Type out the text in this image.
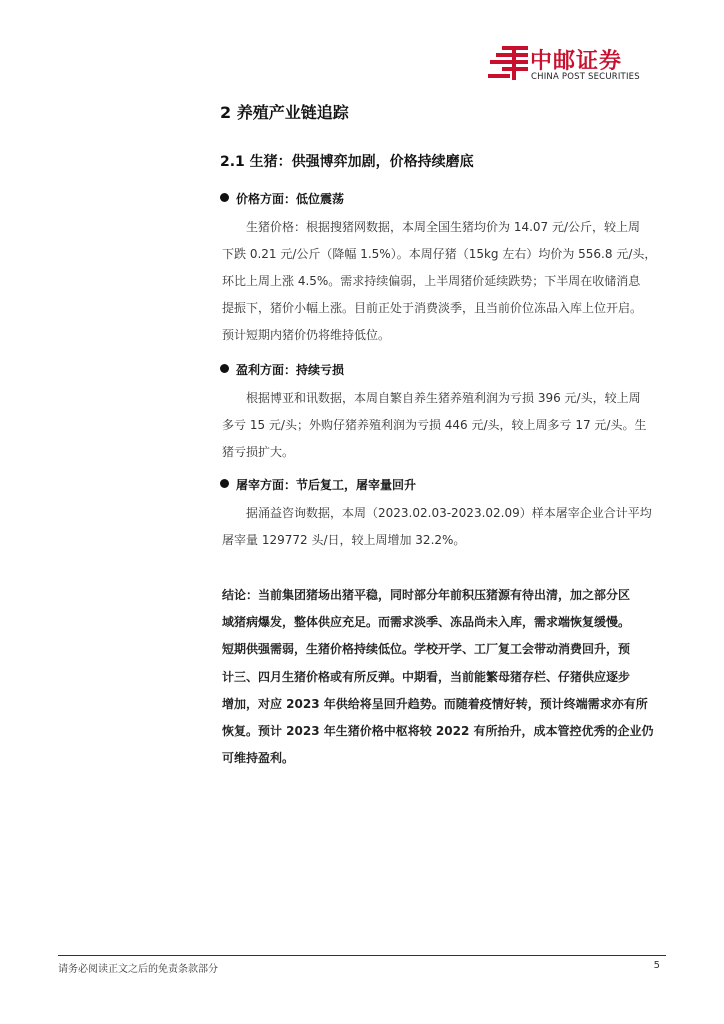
中邮证券
CHINA POST SECURITIES
2 养殖产业链追踪
2.1 生猪：供强博弈加剧，价格持续磨底
价格方面：低位震荡
生猪价格：根据搜猪网数据，本周全国生猪均价为 14.07 元/公斤，较上周
下跌 0.21 元/公斤（降幅 1.5%）。本周仔猪（15kg 左右）均价为 556.8 元/头，
环比上周上涨 4.5%。需求持续偏弱，上半周猪价延续跌势；下半周在收储消息
提振下，猪价小幅上涨。目前正处于消费淡季，且当前价位冻品入库上位开启。
预计短期内猪价仍将维持低位。
盈利方面：持续亏损
根据博亚和讯数据，本周自繁自养生猪养殖利润为亏损 396 元/头，较上周
多亏 15 元/头；外购仔猪养殖利润为亏损 446 元/头，较上周多亏 17 元/头。生
猪亏损扩大。
屠宰方面：节后复工，屠宰量回升
据涌益咨询数据，本周（2023.02.03-2023.02.09）样本屠宰企业合计平均
屠宰量 129772 头/日，较上周增加 32.2%。
结论：当前集团猪场出猪平稳，同时部分年前积压猪源有待出清，加之部分区
域猪病爆发，整体供应充足。而需求淡季、冻品尚未入库，需求端恢复缓慢。
短期供强需弱，生猪价格持续低位。学校开学、工厂复工会带动消费回升，预
计三、四月生猪价格或有所反弹。中期看，当前能繁母猪存栏、仔猪供应逐步
增加，对应 2023 年供给将呈回升趋势。而随着疫情好转，预计终端需求亦有所
恢复。预计 2023 年生猪价格中枢将较 2022 有所抬升，成本管控优秀的企业仍
可维持盈利。
请务必阅读正文之后的免责条款部分	5
